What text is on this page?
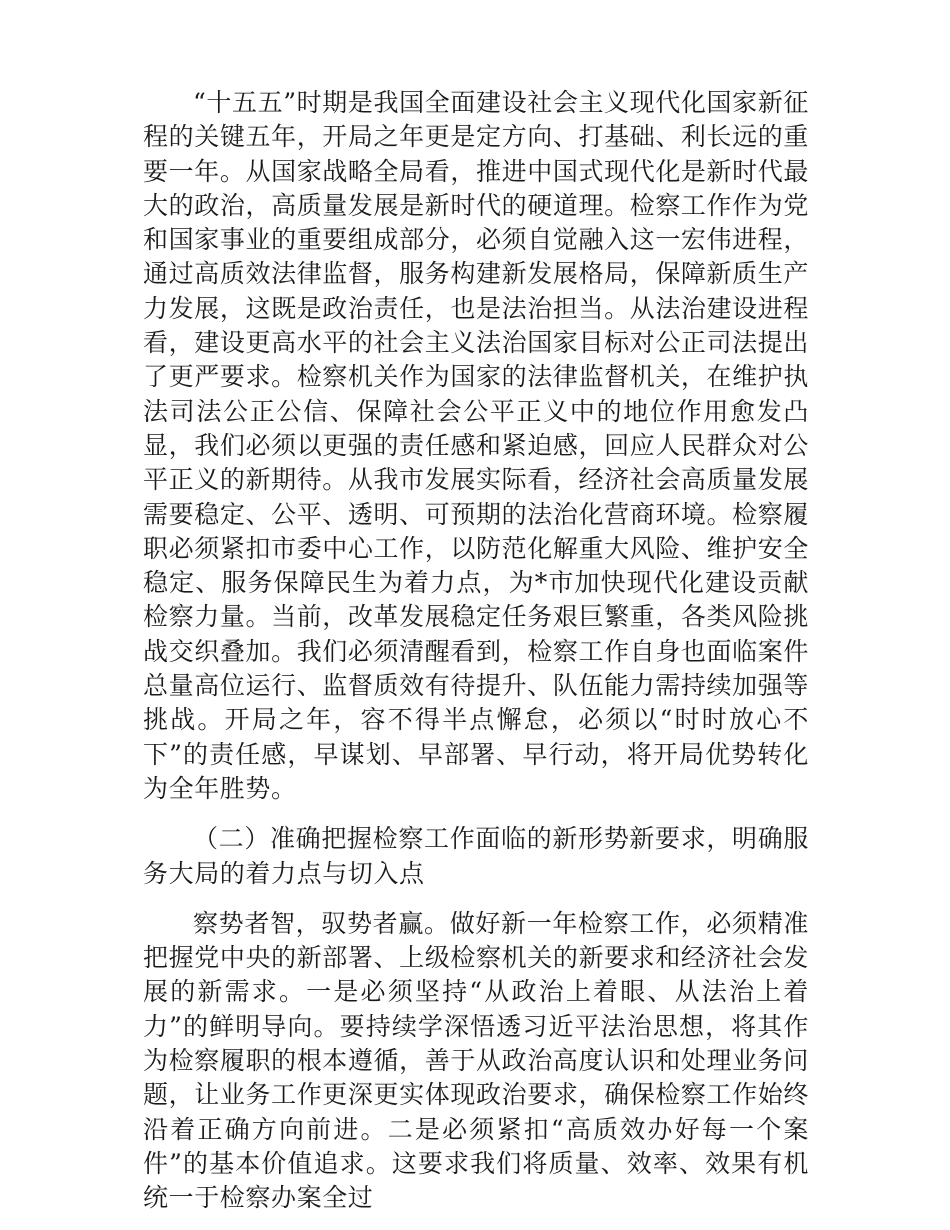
“十五五”时期是我国全面建设社会主义现代化国家新征程的关键五年，开局之年更是定方向、打基础、利长远的重要一年。从国家战略全局看，推进中国式现代化是新时代最大的政治，高质量发展是新时代的硬道理。检察工作作为党和国家事业的重要组成部分，必须自觉融入这一宏伟进程，通过高质效法律监督，服务构建新发展格局，保障新质生产力发展，这既是政治责任，也是法治担当。从法治建设进程看，建设更高水平的社会主义法治国家目标对公正司法提出了更严要求。检察机关作为国家的法律监督机关，在维护执法司法公正公信、保障社会公平正义中的地位作用愈发凸显，我们必须以更强的责任感和紧迫感，回应人民群众对公平正义的新期待。从我市发展实际看，经济社会高质量发展需要稳定、公平、透明、可预期的法治化营商环境。检察履职必须紧扣市委中心工作，以防范化解重大风险、维护安全稳定、服务保障民生为着力点，为*市加快现代化建设贡献检察力量。当前，改革发展稳定任务艰巨繁重，各类风险挑战交织叠加。我们必须清醒看到，检察工作自身也面临案件总量高位运行、监督质效有待提升、队伍能力需持续加强等挑战。开局之年，容不得半点懈怠，必须以“时时放心不下”的责任感，早谋划、早部署、早行动，将开局优势转化为全年胜势。

（二）准确把握检察工作面临的新形势新要求，明确服务大局的着力点与切入点

察势者智，驭势者赢。做好新一年检察工作，必须精准把握党中央的新部署、上级检察机关的新要求和经济社会发展的新需求。一是必须坚持“从政治上着眼、从法治上着力”的鲜明导向。要持续学深悟透习近平法治思想，将其作为检察履职的根本遵循，善于从政治高度认识和处理业务问题，让业务工作更深更实体现政治要求，确保检察工作始终沿着正确方向前进。二是必须紧扣“高质效办好每一个案件”的基本价值追求。这要求我们将质量、效率、效果有机统一于检察办案全过
